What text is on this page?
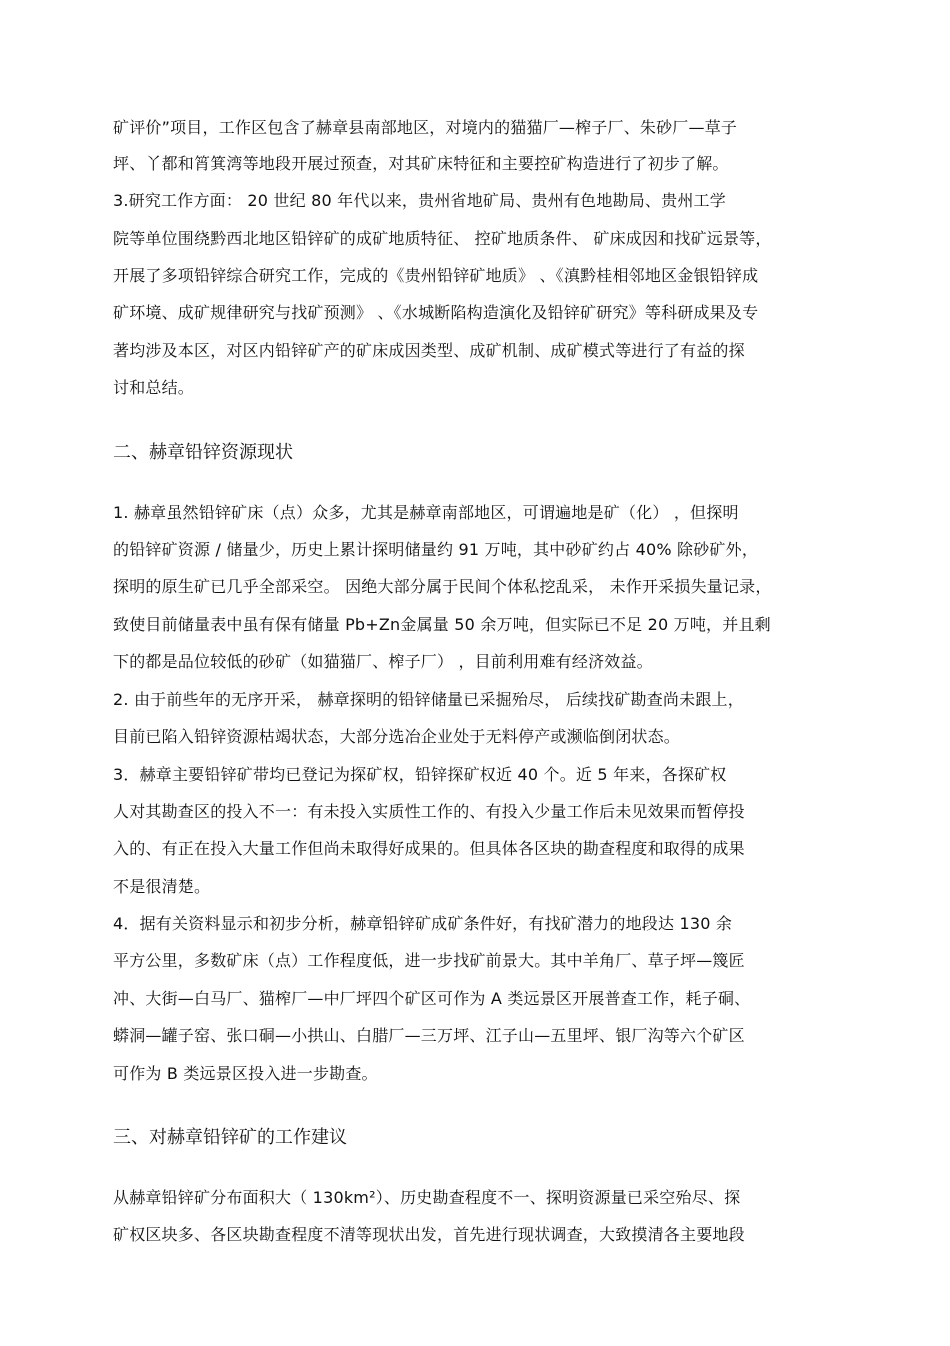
矿评价”项目，工作区包含了赫章县南部地区，对境内的猫猫厂—榨子厂、朱砂厂—草子
坪、丫都和筲箕湾等地段开展过预查，对其矿床特征和主要控矿构造进行了初步了解。
3.研究工作方面： 20 世纪 80 年代以来，贵州省地矿局、贵州有色地勘局、贵州工学
院等单位围绕黔西北地区铅锌矿的成矿地质特征、 控矿地质条件、 矿床成因和找矿远景等，
开展了多项铅锌综合研究工作，完成的《贵州铅锌矿地质》 、《滇黔桂相邻地区金银铅锌成
矿环境、成矿规律研究与找矿预测》 、《水城断陷构造演化及铅锌矿研究》等科研成果及专
著均涉及本区，对区内铅锌矿产的矿床成因类型、成矿机制、成矿模式等进行了有益的探
讨和总结。
二、赫章铅锌资源现状
1. 赫章虽然铅锌矿床（点）众多，尤其是赫章南部地区，可谓遍地是矿（化） ，但探明
的铅锌矿资源 / 储量少，历史上累计探明储量约 91 万吨，其中砂矿约占 40% 除砂矿外，
探明的原生矿已几乎全部采空。 因绝大部分属于民间个体私挖乱采， 未作开采损失量记录，
致使目前储量表中虽有保有储量 Pb+Zn金属量 50 余万吨，但实际已不足 20 万吨，并且剩
下的都是品位较低的砂矿（如猫猫厂、榨子厂） ，目前利用难有经济效益。
2. 由于前些年的无序开采， 赫章探明的铅锌储量已采掘殆尽， 后续找矿勘查尚未跟上，
目前已陷入铅锌资源枯竭状态，大部分选冶企业处于无料停产或濒临倒闭状态。
3．赫章主要铅锌矿带均已登记为探矿权，铅锌探矿权近 40 个。近 5 年来，各探矿权
人对其勘查区的投入不一：有未投入实质性工作的、有投入少量工作后未见效果而暂停投
入的、有正在投入大量工作但尚未取得好成果的。但具体各区块的勘查程度和取得的成果
不是很清楚。
4．据有关资料显示和初步分析，赫章铅锌矿成矿条件好，有找矿潜力的地段达 130 余
平方公里，多数矿床（点）工作程度低，进一步找矿前景大。其中羊角厂、草子坪—篾匠
冲、大街—白马厂、猫榨厂—中厂坪四个矿区可作为 A 类远景区开展普查工作，耗子硐、
蟒洞—罐子窑、张口硐—小拱山、白腊厂—三万坪、江子山—五里坪、银厂沟等六个矿区
可作为 B 类远景区投入进一步勘查。
三、对赫章铅锌矿的工作建议
从赫章铅锌矿分布面积大（ 130km²）、历史勘查程度不一、探明资源量已采空殆尽、探
矿权区块多、各区块勘查程度不清等现状出发，首先进行现状调查，大致摸清各主要地段
